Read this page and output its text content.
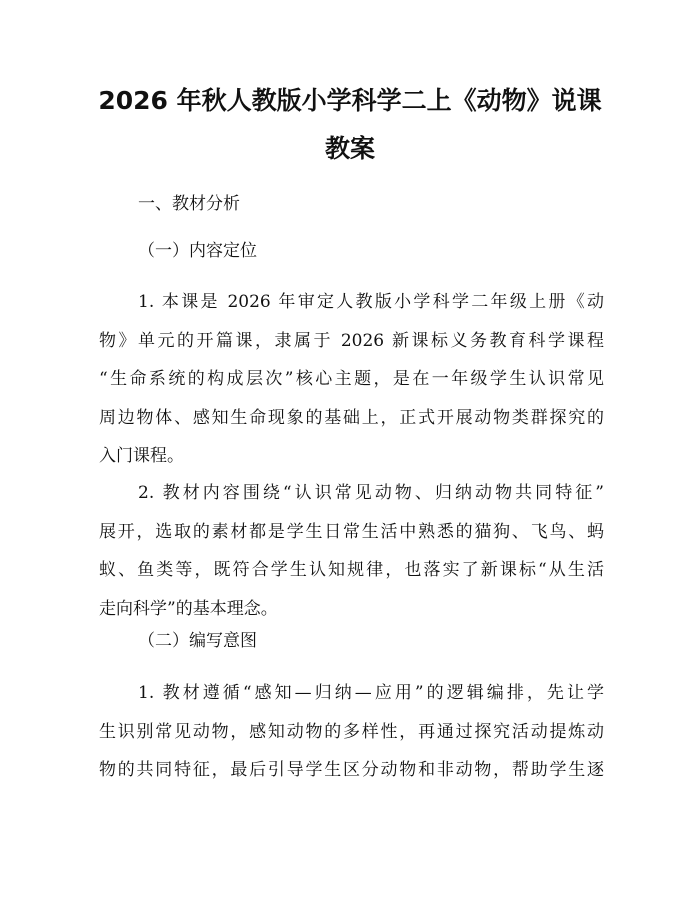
2026 年秋人教版小学科学二上《动物》说课
教案
一、教材分析
（一）内容定位
1. 本课是 2026 年审定人教版小学科学二年级上册《动
物》单元的开篇课，隶属于 2026 新课标义务教育科学课程
“生命系统的构成层次”核心主题，是在一年级学生认识常见
周边物体、感知生命现象的基础上，正式开展动物类群探究的
入门课程。
2. 教材内容围绕“认识常见动物、归纳动物共同特征”
展开，选取的素材都是学生日常生活中熟悉的猫狗、飞鸟、蚂
蚁、鱼类等，既符合学生认知规律，也落实了新课标“从生活
走向科学”的基本理念。
（二）编写意图
1. 教材遵循“感知—归纳—应用”的逻辑编排，先让学
生识别常见动物，感知动物的多样性，再通过探究活动提炼动
物的共同特征，最后引导学生区分动物和非动物，帮助学生逐
